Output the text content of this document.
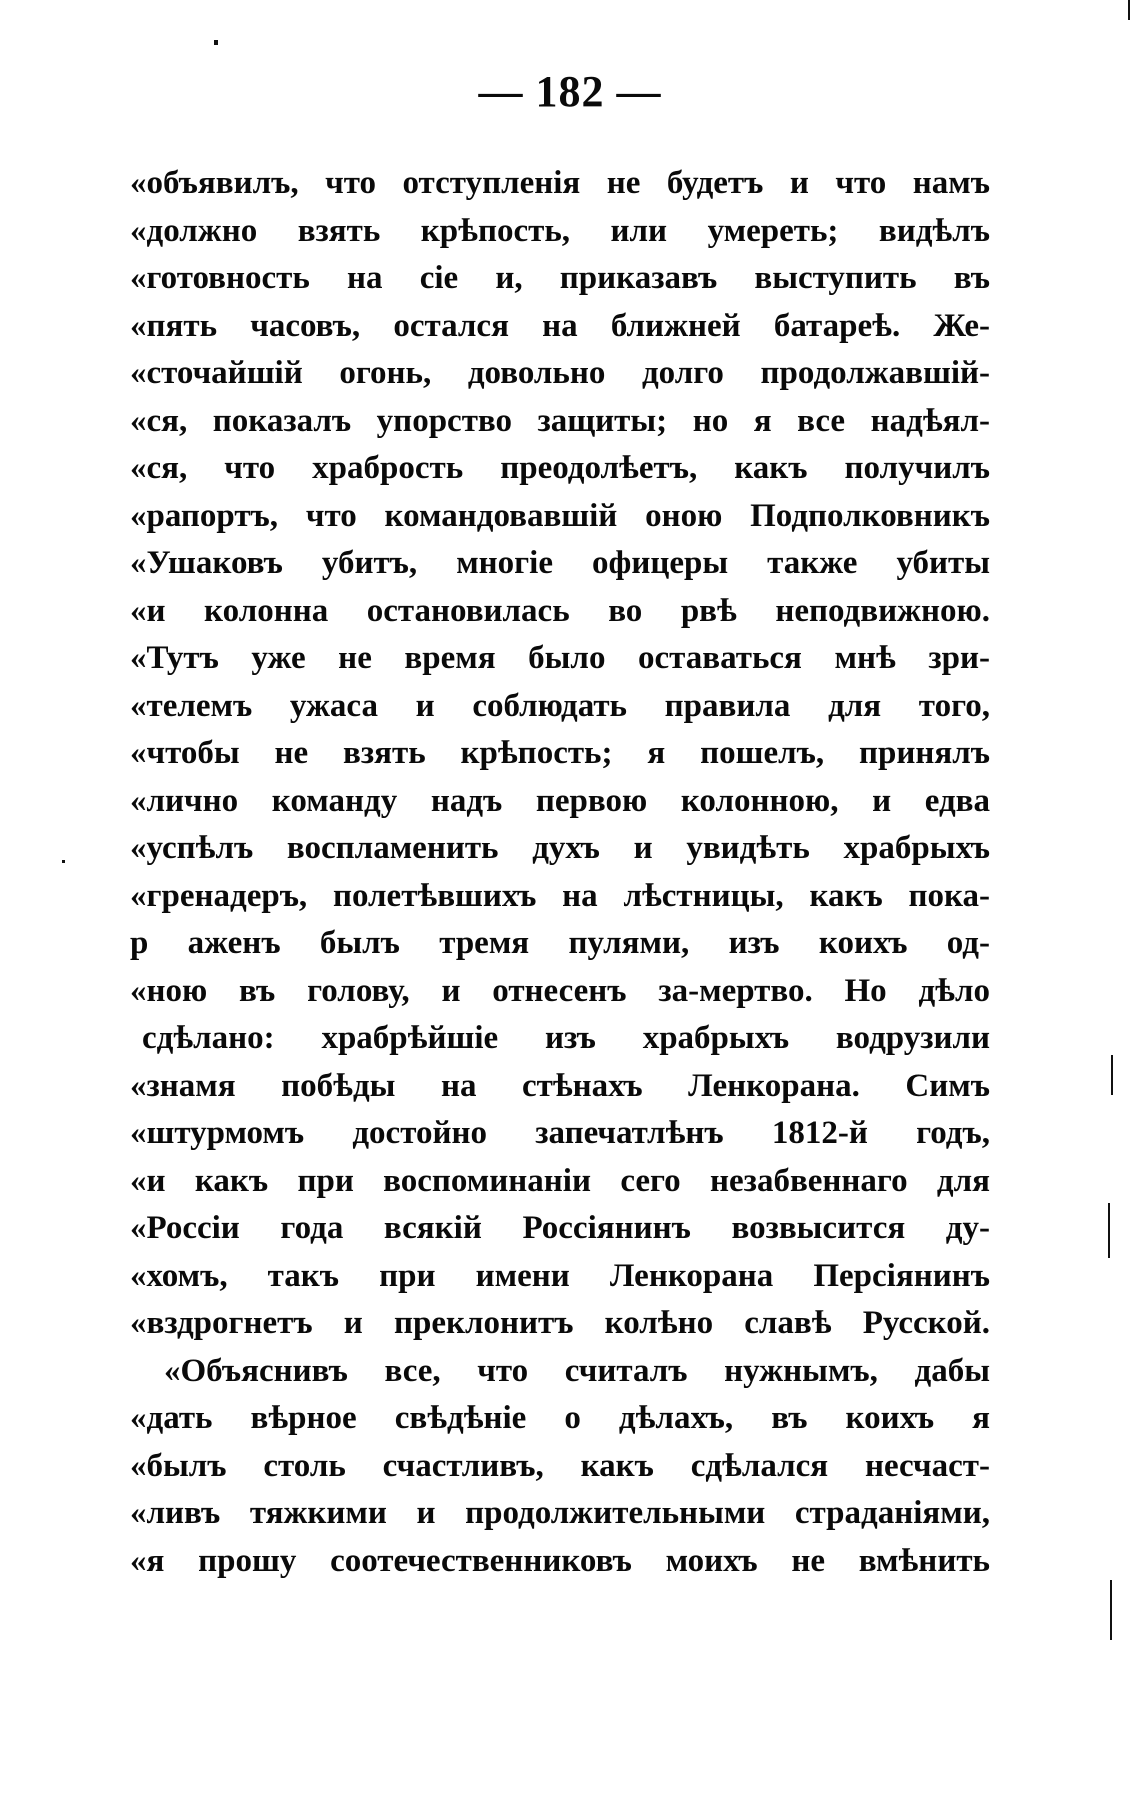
— 182 —
«объявилъ, что отступленія не будетъ и что намъ
«должно взять крѣпость, или умереть; видѣлъ
«готовность на сіе и, приказавъ выступить въ
«пять часовъ, остался на ближней батареѣ. Же-
«сточайшій огонь, довольно долго продолжавшій-
«ся, показалъ упорство защиты; но я все надѣял-
«ся, что храбрость преодолѣетъ, какъ получилъ
«рапортъ, что командовавшій оною Подполковникъ
«Ушаковъ убитъ, многіе офицеры также убиты
«и колонна остановилась во рвѣ неподвижною.
«Тутъ уже не время было оставаться мнѣ зри-
«телемъ ужаса и соблюдать правила для того,
«чтобы не взять крѣпость; я пошелъ, принялъ
«лично команду надъ первою колонною, и едва
«успѣлъ воспламенить духъ и увидѣть храбрыхъ
«гренадеръ, полетѣвшихъ на лѣстницы, какъ пока-
р аженъ былъ тремя пулями, изъ коихъ од-
«ною въ голову, и отнесенъ за-мертво. Но дѣло
сдѣлано: храбрѣйшіе изъ храбрыхъ водрузили
«знамя побѣды на стѣнахъ Ленкорана. Симъ
«штурмомъ достойно запечатлѣнъ 1812-й годъ,
«и какъ при воспоминаніи сего незабвеннаго для
«Россіи года всякій Россіянинъ возвысится ду-
«хомъ, такъ при имени Ленкорана Персіянинъ
«вздрогнетъ и преклонитъ колѣно славѣ Русской.
«Объяснивъ все, что считалъ нужнымъ, дабы
«дать вѣрное свѣдѣніе о дѣлахъ, въ коихъ я
«былъ столь счастливъ, какъ сдѣлался несчаст-
«ливъ тяжкими и продолжительными страданіями,
«я прошу соотечественниковъ моихъ не вмѣнить
